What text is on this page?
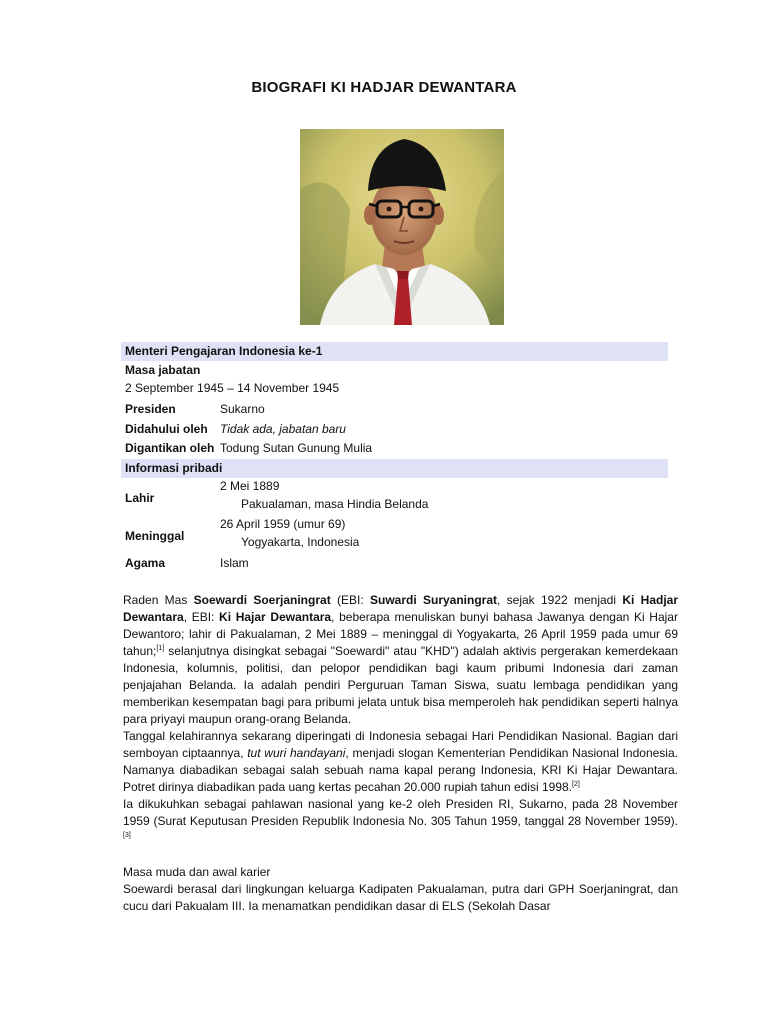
BIOGRAFI KI HADJAR DEWANTARA
Menteri Pengajaran Indonesia ke-1
Masa jabatan
2 September 1945 – 14 November 1945
Presiden	Sukarno
Didahului oleh Tidak ada, jabatan baru
Digantikan oleh Todung Sutan Gunung Mulia
Informasi pribadi
Lahir
2 Mei 1889
Pakualaman, masa Hindia Belanda
Meninggal
26 April 1959 (umur 69)
Yogyakarta, Indonesia
Agama	Islam

Raden Mas Soewardi Soerjaningrat (EBI: Suwardi Suryaningrat, sejak 1922 menjadi Ki Hadjar Dewantara, EBI: Ki Hajar Dewantara, beberapa menuliskan bunyi bahasa Jawanya dengan Ki Hajar Dewantoro; lahir di Pakualaman, 2 Mei 1889 – meninggal di Yogyakarta, 26 April 1959 pada umur 69 tahun;[1] selanjutnya disingkat sebagai "Soewardi" atau "KHD") adalah aktivis pergerakan kemerdekaan Indonesia, kolumnis, politisi, dan pelopor pendidikan bagi kaum pribumi Indonesia dari zaman penjajahan Belanda. Ia adalah pendiri Perguruan Taman Siswa, suatu lembaga pendidikan yang memberikan kesempatan bagi para pribumi jelata untuk bisa memperoleh hak pendidikan seperti halnya para priyayi maupun orang-orang Belanda.

Tanggal kelahirannya sekarang diperingati di Indonesia sebagai Hari Pendidikan Nasional. Bagian dari semboyan ciptaannya, tut wuri handayani, menjadi slogan Kementerian Pendidikan Nasional Indonesia. Namanya diabadikan sebagai salah sebuah nama kapal perang Indonesia, KRI Ki Hajar Dewantara. Potret dirinya diabadikan pada uang kertas pecahan 20.000 rupiah tahun edisi 1998.[2]

Ia dikukuhkan sebagai pahlawan nasional yang ke-2 oleh Presiden RI, Sukarno, pada 28 November 1959 (Surat Keputusan Presiden Republik Indonesia No. 305 Tahun 1959, tanggal 28 November 1959).[3]

Masa muda dan awal karier

Soewardi berasal dari lingkungan keluarga Kadipaten Pakualaman, putra dari GPH Soerjaningrat, dan cucu dari Pakualam III. Ia menamatkan pendidikan dasar di ELS (Sekolah Dasar
